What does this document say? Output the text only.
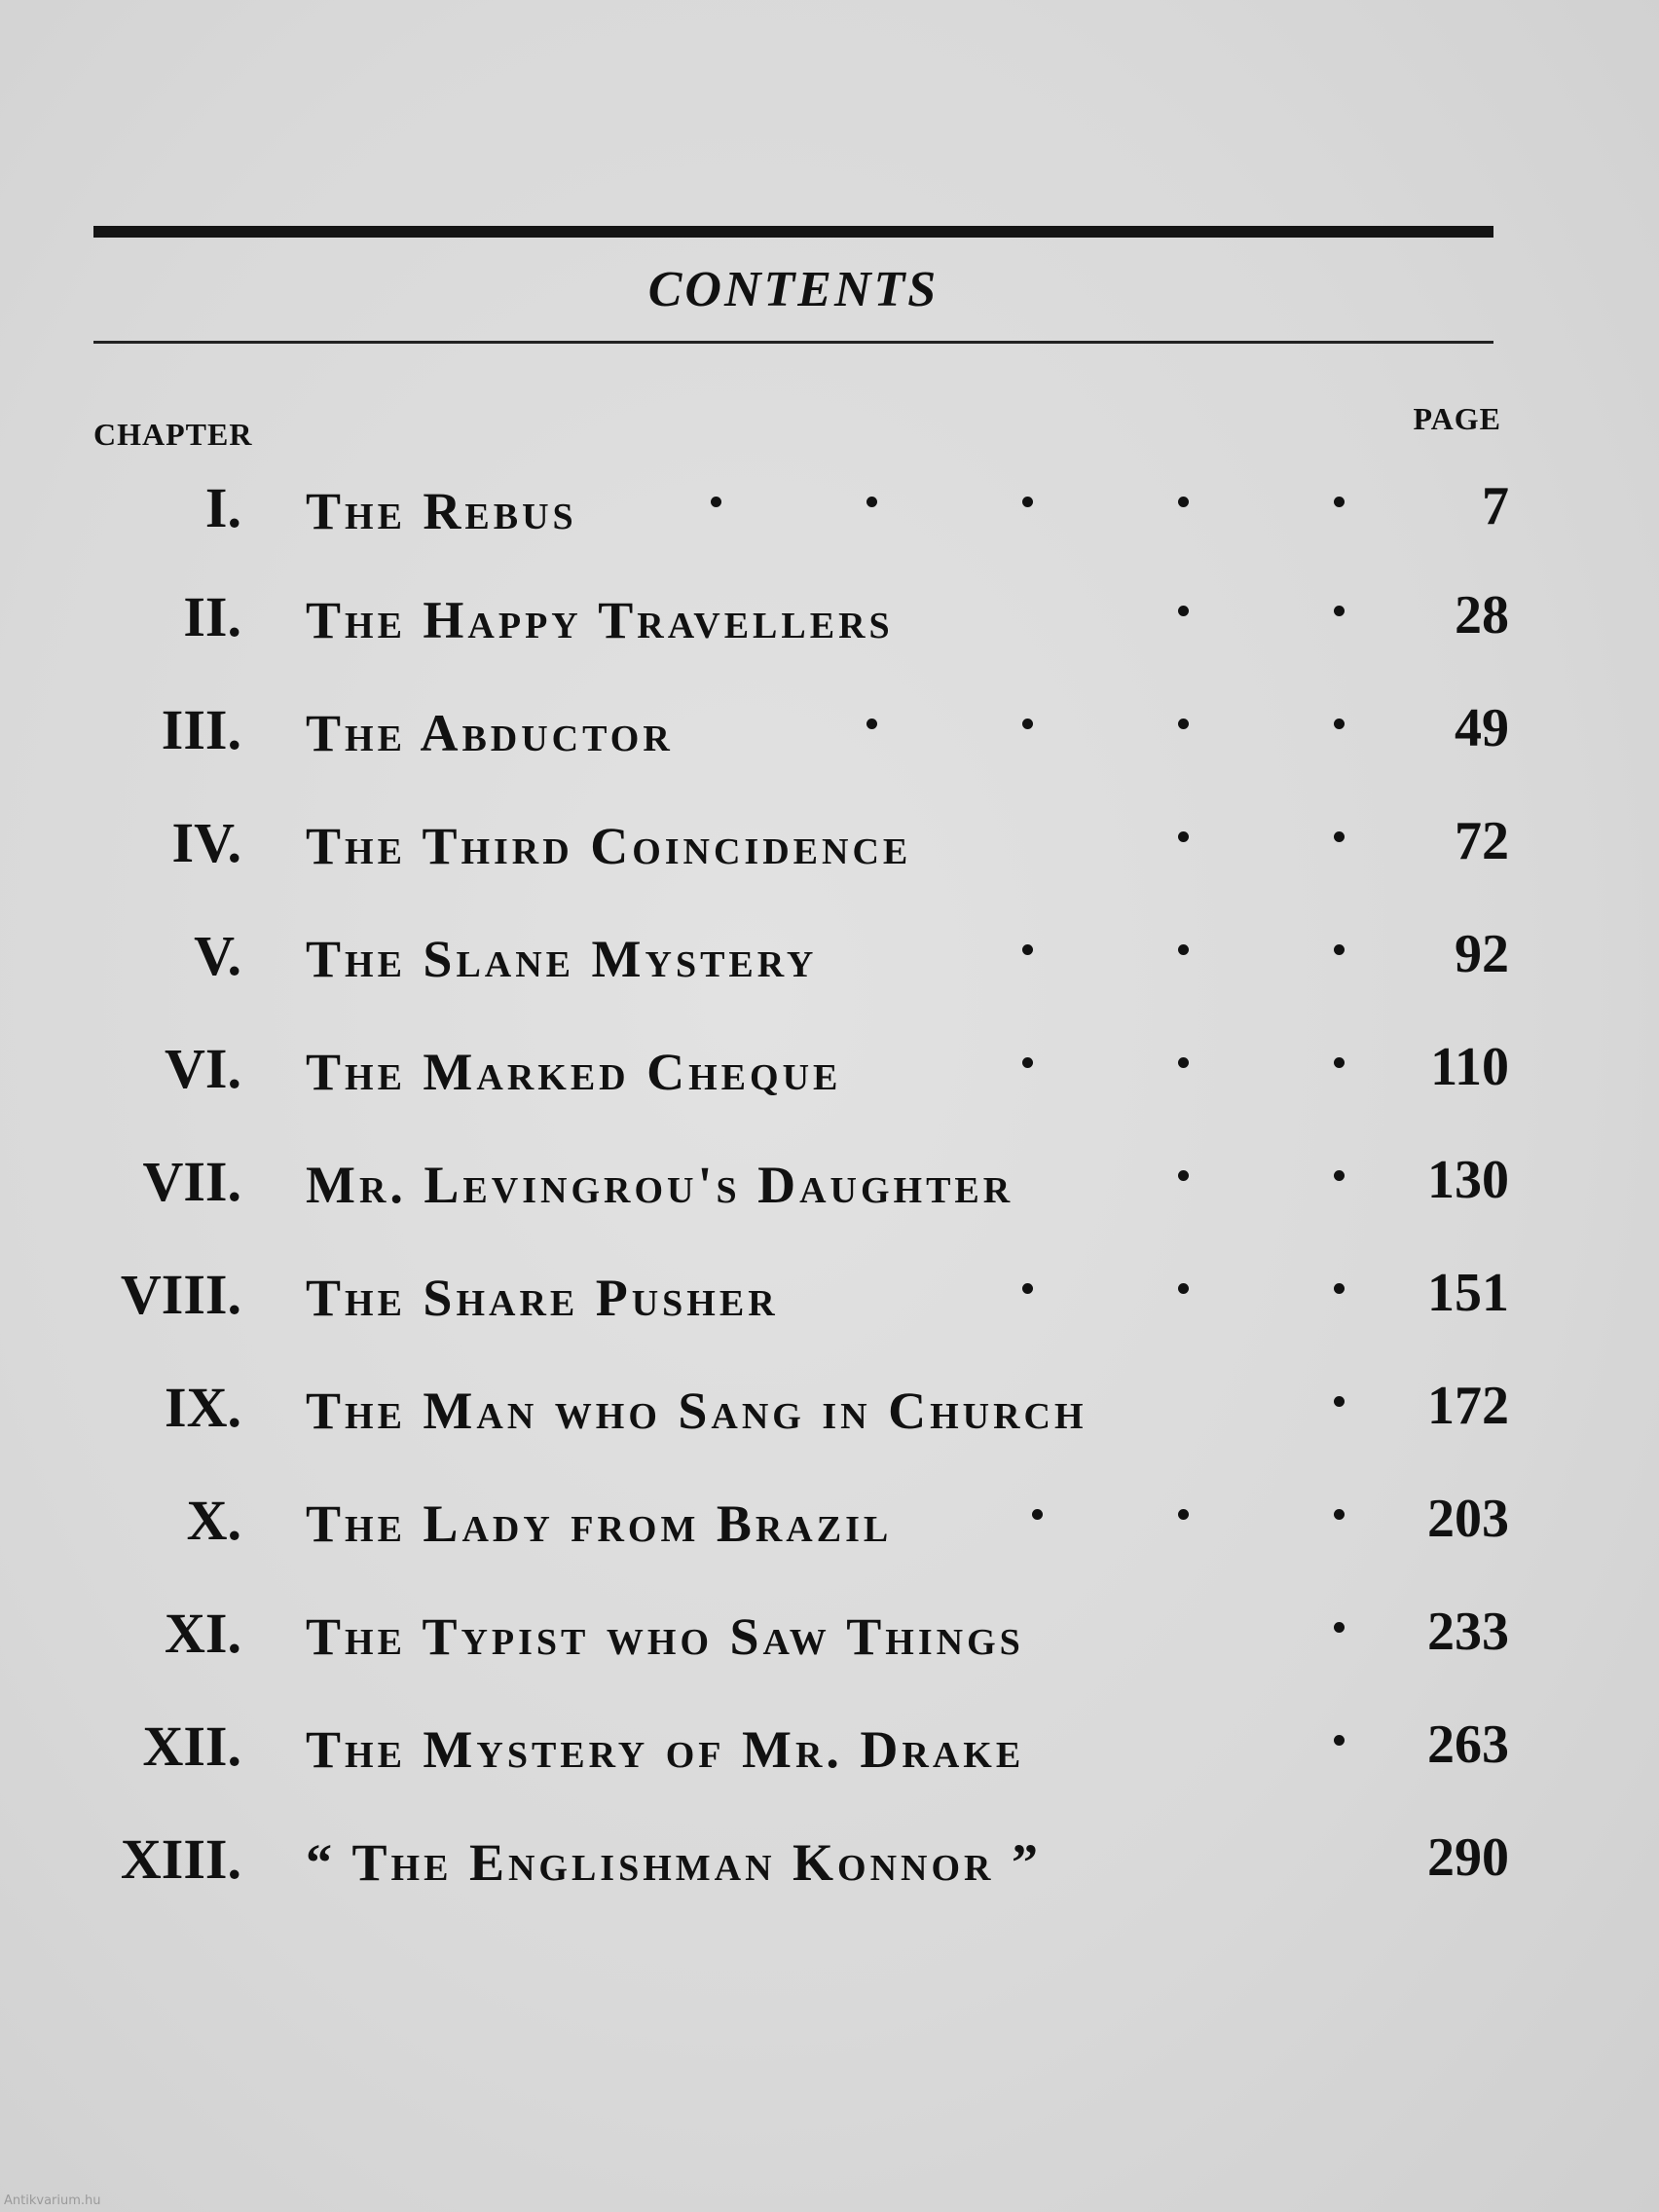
CONTENTS
CHAPTER	PAGE
I. The Rebus	7
II. The Happy Travellers	28
III. The Abductor	49
IV. The Third Coincidence	72
V. The Slane Mystery	92
VI. The Marked Cheque	110
VII. Mr. Levingrou's Daughter	130
VIII. The Share Pusher	151
IX. The Man who Sang in Church	172
X. The Lady from Brazil	203
XI. The Typist who Saw Things	233
XII. The Mystery of Mr. Drake	263
XIII. “ The Englishman Konnor ”	290
Antikvarium.hu
